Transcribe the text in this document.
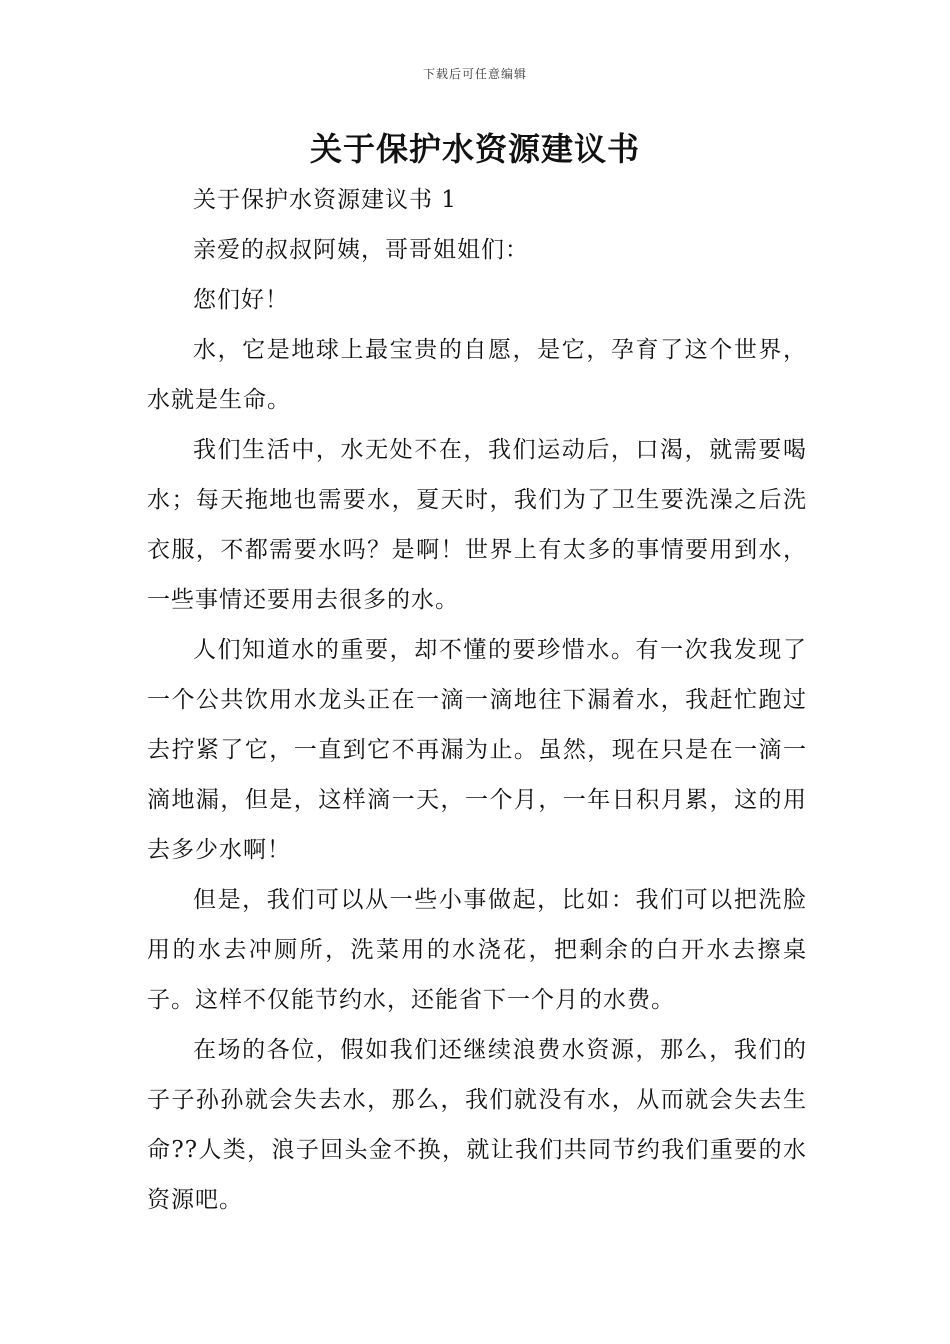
下载后可任意编辑
关于保护水资源建议书

关于保护水资源建议书 1

亲爱的叔叔阿姨，哥哥姐姐们：

您们好！

水，它是地球上最宝贵的自愿，是它，孕育了这个世界，水就是生命。

我们生活中，水无处不在，我们运动后，口渴，就需要喝水；每天拖地也需要水，夏天时，我们为了卫生要洗澡之后洗衣服，不都需要水吗？是啊！世界上有太多的事情要用到水，一些事情还要用去很多的水。

人们知道水的重要，却不懂的要珍惜水。有一次我发现了一个公共饮用水龙头正在一滴一滴地往下漏着水，我赶忙跑过去拧紧了它，一直到它不再漏为止。虽然，现在只是在一滴一滴地漏，但是，这样滴一天，一个月，一年日积月累，这的用去多少水啊！

但是，我们可以从一些小事做起，比如：我们可以把洗脸用的水去冲厕所，洗菜用的水浇花，把剩余的白开水去擦桌子。这样不仅能节约水，还能省下一个月的水费。

在场的各位，假如我们还继续浪费水资源，那么，我们的子子孙孙就会失去水，那么，我们就没有水，从而就会失去生命??人类，浪子回头金不换，就让我们共同节约我们重要的水资源吧。
